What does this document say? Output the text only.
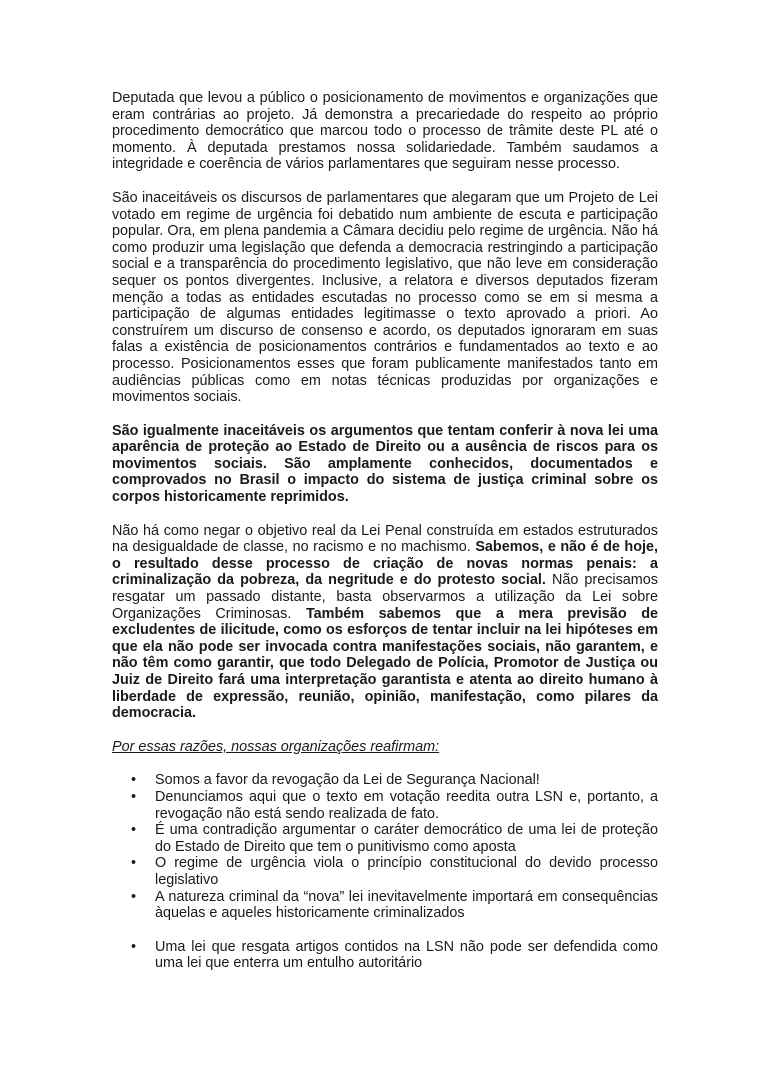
Deputada que levou a público o posicionamento de movimentos e organizações que eram contrárias ao projeto. Já demonstra a precariedade do respeito ao próprio procedimento democrático que marcou todo o processo de trâmite deste PL até o momento. À deputada prestamos nossa solidariedade. Também saudamos a integridade e coerência de vários parlamentares que seguiram nesse processo.

São inaceitáveis os discursos de parlamentares que alegaram que um Projeto de Lei votado em regime de urgência foi debatido num ambiente de escuta e participação popular. Ora, em plena pandemia a Câmara decidiu pelo regime de urgência. Não há como produzir uma legislação que defenda a democracia restringindo a participação social e a transparência do procedimento legislativo, que não leve em consideração sequer os pontos divergentes. Inclusive, a relatora e diversos deputados fizeram menção a todas as entidades escutadas no processo como se em si mesma a participação de algumas entidades legitimasse o texto aprovado a priori. Ao construírem um discurso de consenso e acordo, os deputados ignoraram em suas falas a existência de posicionamentos contrários e fundamentados ao texto e ao processo. Posicionamentos esses que foram publicamente manifestados tanto em audiências públicas como em notas técnicas produzidas por organizações e movimentos sociais.

São igualmente inaceitáveis os argumentos que tentam conferir à nova lei uma aparência de proteção ao Estado de Direito ou a ausência de riscos para os movimentos sociais. São amplamente conhecidos, documentados e comprovados no Brasil o impacto do sistema de justiça criminal sobre os corpos historicamente reprimidos.

Não há como negar o objetivo real da Lei Penal construída em estados estruturados na desigualdade de classe, no racismo e no machismo. Sabemos, e não é de hoje, o resultado desse processo de criação de novas normas penais: a criminalização da pobreza, da negritude e do protesto social. Não precisamos resgatar um passado distante, basta observarmos a utilização da Lei sobre Organizações Criminosas. Também sabemos que a mera previsão de excludentes de ilicitude, como os esforços de tentar incluir na lei hipóteses em que ela não pode ser invocada contra manifestações sociais, não garantem, e não têm como garantir, que todo Delegado de Polícia, Promotor de Justiça ou Juiz de Direito fará uma interpretação garantista e atenta ao direito humano à liberdade de expressão, reunião, opinião, manifestação, como pilares da democracia.

Por essas razões, nossas organizações reafirmam:

• Somos a favor da revogação da Lei de Segurança Nacional!
• Denunciamos aqui que o texto em votação reedita outra LSN e, portanto, a revogação não está sendo realizada de fato.
• É uma contradição argumentar o caráter democrático de uma lei de proteção do Estado de Direito que tem o punitivismo como aposta
• O regime de urgência viola o princípio constitucional do devido processo legislativo
• A natureza criminal da “nova” lei inevitavelmente importará em consequências àquelas e aqueles historicamente criminalizados
• Uma lei que resgata artigos contidos na LSN não pode ser defendida como uma lei que enterra um entulho autoritário
